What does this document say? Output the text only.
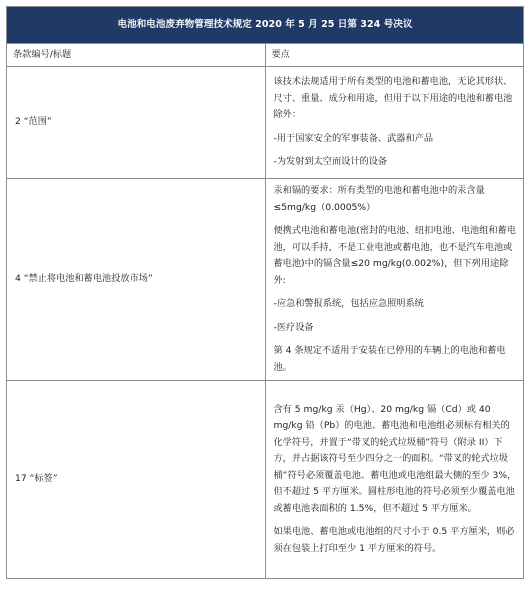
电池和电池废弃物管理技术规定 2020 年 5 月 25 日第 324 号决议	
条款编号/标题	要点
2 “范围”	该技术法规适用于所有类型的电池和蓄电池，无论其形状、尺寸、重量、成分和用途，但用于以下用途的电池和蓄电池除外：

-用于国家安全的军事装备、武器和产品

-为发射到太空而设计的设备

4 “禁止将电池和蓄电池投放市场”	汞和镉的要求：所有类型的电池和蓄电池中的汞含量≤5mg/kg（0.0005%）

便携式电池和蓄电池(密封的电池、纽扣电池、电池组和蓄电池，可以手持，不是工业电池或蓄电池，也不是汽车电池或蓄电池)中的镉含量≤20 mg/kg(0.002%)，但下列用途除外:

-应急和警报系统，包括应急照明系统

-医疗设备

第 4 条规定不适用于安装在已停用的车辆上的电池和蓄电池。

17 “标签”	含有 5 mg/kg 汞（Hg）、20 mg/kg 镉（Cd）或 40 mg/kg 铅（Pb）的电池、蓄电池和电池组必须标有相关的化学符号，并置于“带叉的轮式垃圾桶”符号（附录 II）下方，并占据该符号至少四分之一的面积。“带叉的轮式垃圾桶”符号必须覆盖电池、蓄电池或电池组最大侧的至少 3%，但不超过 5 平方厘米。圆柱形电池的符号必须至少覆盖电池或蓄电池表面积的 1.5%，但不超过 5 平方厘米。

如果电池、蓄电池或电池组的尺寸小于 0.5 平方厘米，则必须在包装上打印至少 1 平方厘米的符号。
